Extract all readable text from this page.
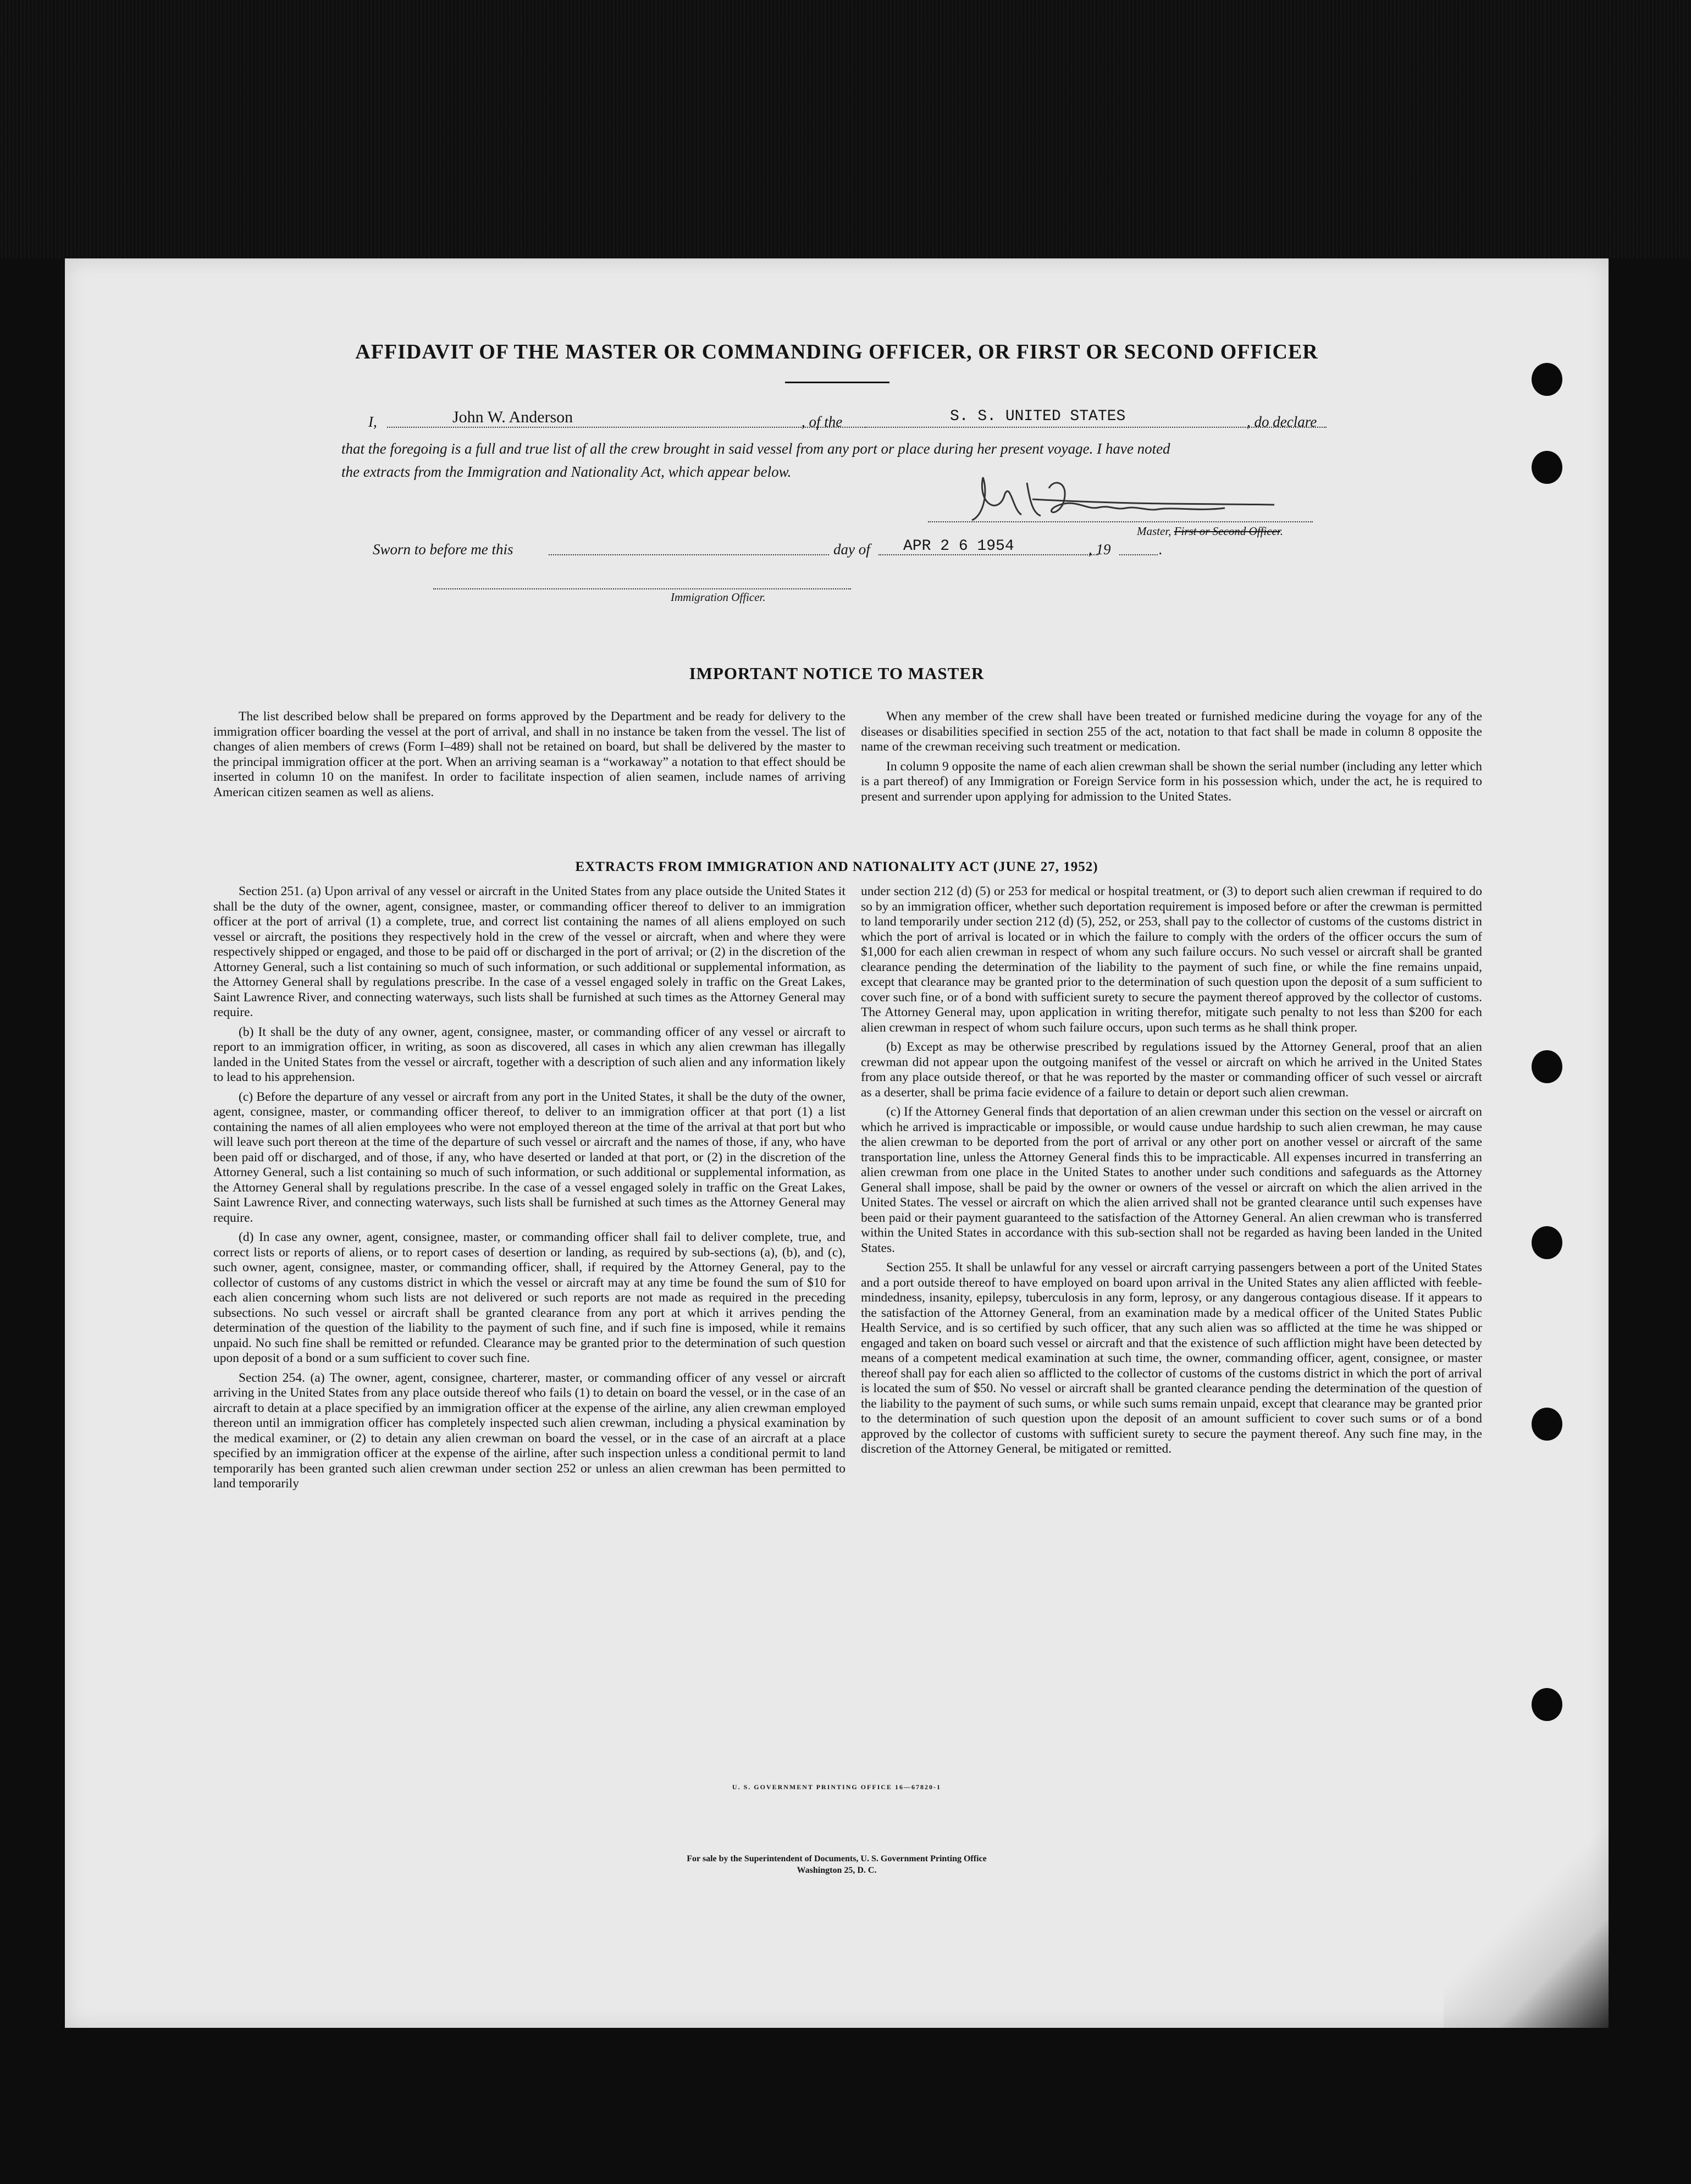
AFFIDAVIT OF THE MASTER OR COMMANDING OFFICER, OR FIRST OR SECOND OFFICER
I,	John W. Anderson	, of the	S. S. UNITED STATES	, do declare
that the foregoing is a full and true list of all the crew brought in said vessel from any port or place during her present voyage. I have noted
the extracts from the Immigration and Nationality Act, which appear below.
Master, First or Second Officer.
Sworn to before me this	day of APR 2 6 1954	, 19	.
Immigration Officer.
IMPORTANT NOTICE TO MASTER

The list described below shall be prepared on forms approved by the Department and be ready for delivery to the immigration officer boarding the vessel at the port of arrival, and shall in no instance be taken from the vessel. The list of changes of alien members of crews (Form I–489) shall not be retained on board, but shall be delivered by the master to the principal immigration officer at the port. When an arriving seaman is a “workaway” a notation to that effect should be inserted in column 10 on the manifest. In order to facilitate inspection of alien seamen, include names of arriving American citizen seamen as well as aliens.

When any member of the crew shall have been treated or furnished medicine during the voyage for any of the diseases or disabilities specified in section 255 of the act, notation to that fact shall be made in column 8 opposite the name of the crewman receiving such treatment or medication.

In column 9 opposite the name of each alien crewman shall be shown the serial number (including any letter which is a part thereof) of any Immigration or Foreign Service form in his possession which, under the act, he is required to present and surrender upon applying for admission to the United States.

EXTRACTS FROM IMMIGRATION AND NATIONALITY ACT (JUNE 27, 1952)

Section 251. (a) Upon arrival of any vessel or aircraft in the United States from any place outside the United States it shall be the duty of the owner, agent, consignee, master, or commanding officer thereof to deliver to an immigration officer at the port of arrival (1) a complete, true, and correct list containing the names of all aliens employed on such vessel or aircraft, the positions they respectively hold in the crew of the vessel or aircraft, when and where they were respectively shipped or engaged, and those to be paid off or discharged in the port of arrival; or (2) in the discretion of the Attorney General, such a list containing so much of such information, or such additional or supplemental information, as the Attorney General shall by regulations prescribe. In the case of a vessel engaged solely in traffic on the Great Lakes, Saint Lawrence River, and connecting waterways, such lists shall be furnished at such times as the Attorney General may require.

(b) It shall be the duty of any owner, agent, consignee, master, or commanding officer of any vessel or aircraft to report to an immigration officer, in writing, as soon as discovered, all cases in which any alien crewman has illegally landed in the United States from the vessel or aircraft, together with a description of such alien and any information likely to lead to his apprehension.

(c) Before the departure of any vessel or aircraft from any port in the United States, it shall be the duty of the owner, agent, consignee, master, or commanding officer thereof, to deliver to an immigration officer at that port (1) a list containing the names of all alien employees who were not employed thereon at the time of the arrival at that port but who will leave such port thereon at the time of the departure of such vessel or aircraft and the names of those, if any, who have been paid off or discharged, and of those, if any, who have deserted or landed at that port, or (2) in the discretion of the Attorney General, such a list containing so much of such information, or such additional or supplemental information, as the Attorney General shall by regulations prescribe. In the case of a vessel engaged solely in traffic on the Great Lakes, Saint Lawrence River, and connecting waterways, such lists shall be furnished at such times as the Attorney General may require.

(d) In case any owner, agent, consignee, master, or commanding officer shall fail to deliver complete, true, and correct lists or reports of aliens, or to report cases of desertion or landing, as required by sub-sections (a), (b), and (c), such owner, agent, consignee, master, or commanding officer, shall, if required by the Attorney General, pay to the collector of customs of any customs district in which the vessel or aircraft may at any time be found the sum of $10 for each alien concerning whom such lists are not delivered or such reports are not made as required in the preceding subsections. No such vessel or aircraft shall be granted clearance from any port at which it arrives pending the determination of the question of the liability to the payment of such fine, and if such fine is imposed, while it remains unpaid. No such fine shall be remitted or refunded. Clearance may be granted prior to the determination of such question upon deposit of a bond or a sum sufficient to cover such fine.

Section 254. (a) The owner, agent, consignee, charterer, master, or commanding officer of any vessel or aircraft arriving in the United States from any place outside thereof who fails (1) to detain on board the vessel, or in the case of an aircraft to detain at a place specified by an immigration officer at the expense of the airline, any alien crewman employed thereon until an immigration officer has completely inspected such alien crewman, including a physical examination by the medical examiner, or (2) to detain any alien crewman on board the vessel, or in the case of an aircraft at a place specified by an immigration officer at the expense of the airline, after such inspection unless a conditional permit to land temporarily has been granted such alien crewman under section 252 or unless an alien crewman has been permitted to land temporarily

under section 212 (d) (5) or 253 for medical or hospital treatment, or (3) to deport such alien crewman if required to do so by an immigration officer, whether such deportation requirement is imposed before or after the crewman is permitted to land temporarily under section 212 (d) (5), 252, or 253, shall pay to the collector of customs of the customs district in which the port of arrival is located or in which the failure to comply with the orders of the officer occurs the sum of $1,000 for each alien crewman in respect of whom any such failure occurs. No such vessel or aircraft shall be granted clearance pending the determination of the liability to the payment of such fine, or while the fine remains unpaid, except that clearance may be granted prior to the determination of such question upon the deposit of a sum sufficient to cover such fine, or of a bond with sufficient surety to secure the payment thereof approved by the collector of customs. The Attorney General may, upon application in writing therefor, mitigate such penalty to not less than $200 for each alien crewman in respect of whom such failure occurs, upon such terms as he shall think proper.

(b) Except as may be otherwise prescribed by regulations issued by the Attorney General, proof that an alien crewman did not appear upon the outgoing manifest of the vessel or aircraft on which he arrived in the United States from any place outside thereof, or that he was reported by the master or commanding officer of such vessel or aircraft as a deserter, shall be prima facie evidence of a failure to detain or deport such alien crewman.

(c) If the Attorney General finds that deportation of an alien crewman under this section on the vessel or aircraft on which he arrived is impracticable or impossible, or would cause undue hardship to such alien crewman, he may cause the alien crewman to be deported from the port of arrival or any other port on another vessel or aircraft of the same transportation line, unless the Attorney General finds this to be impracticable. All expenses incurred in transferring an alien crewman from one place in the United States to another under such conditions and safeguards as the Attorney General shall impose, shall be paid by the owner or owners of the vessel or aircraft on which the alien arrived in the United States. The vessel or aircraft on which the alien arrived shall not be granted clearance until such expenses have been paid or their payment guaranteed to the satisfaction of the Attorney General. An alien crewman who is transferred within the United States in accordance with this sub-section shall not be regarded as having been landed in the United States.

Section 255. It shall be unlawful for any vessel or aircraft carrying passengers between a port of the United States and a port outside thereof to have employed on board upon arrival in the United States any alien afflicted with feeble-mindedness, insanity, epilepsy, tuberculosis in any form, leprosy, or any dangerous contagious disease. If it appears to the satisfaction of the Attorney General, from an examination made by a medical officer of the United States Public Health Service, and is so certified by such officer, that any such alien was so afflicted at the time he was shipped or engaged and taken on board such vessel or aircraft and that the existence of such affliction might have been detected by means of a competent medical examination at such time, the owner, commanding officer, agent, consignee, or master thereof shall pay for each alien so afflicted to the collector of customs of the customs district in which the port of arrival is located the sum of $50. No vessel or aircraft shall be granted clearance pending the determination of the question of the liability to the payment of such sums, or while such sums remain unpaid, except that clearance may be granted prior to the determination of such question upon the deposit of an amount sufficient to cover such sums or of a bond approved by the collector of customs with sufficient surety to secure the payment thereof. Any such fine may, in the discretion of the Attorney General, be mitigated or remitted.

U. S. GOVERNMENT PRINTING OFFICE 16—67820-1
For sale by the Superintendent of Documents, U. S. Government Printing Office
Washington 25, D. C.
